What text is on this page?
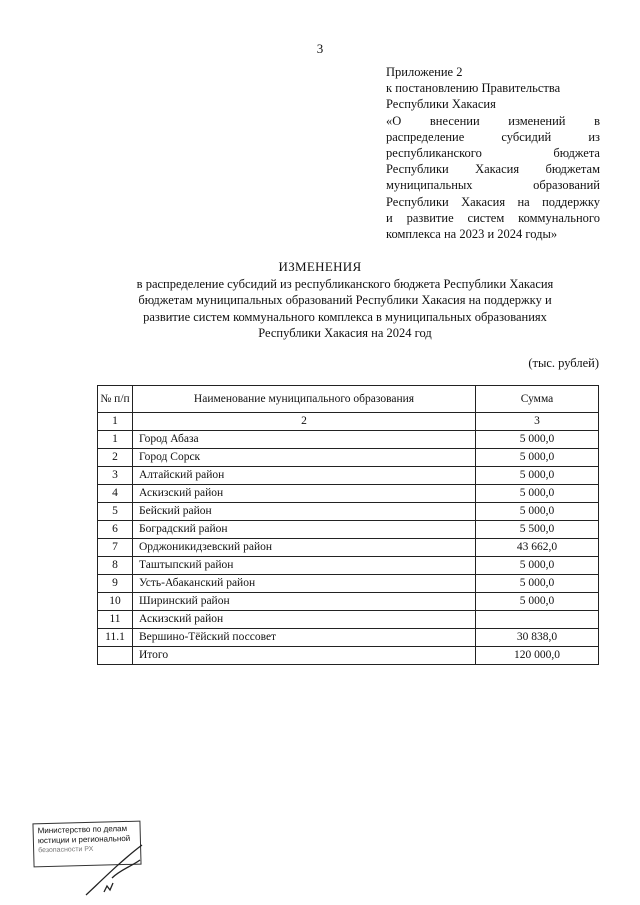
3
Приложение 2
к постановлению Правительства
Республики Хакасия
«О внесении изменений в
распределение субсидий из
республиканского бюджета
Республики Хакасия бюджетам
муниципальных образований
Республики Хакасия на поддержку
и развитие систем коммунального
комплекса на 2023 и 2024 годы»
ИЗМЕНЕНИЯ
в распределение субсидий из республиканского бюджета Республики Хакасия
бюджетам муниципальных образований Республики Хакасия на поддержку и
развитие систем коммунального комплекса в муниципальных образованиях
Республики Хакасия на 2024 год
(тыс. рублей)
№ п/п	Наименование муниципального образования	Сумма
1	2	3
1	Город Абаза	5 000,0
2	Город Сорск	5 000,0
3	Алтайский район	5 000,0
4	Аскизский район	5 000,0
5	Бейский район	5 000,0
6	Боградский район	5 500,0
7	Орджоникидзевский район	43 662,0
8	Таштыпский район	5 000,0
9	Усть-Абаканский район	5 000,0
10	Ширинский район	5 000,0
11	Аскизский район	
11.1	Вершино-Тёйский поссовет	30 838,0
	Итого	120 000,0
Министерство по делам
юстиции и региональной
безопасности РХ
